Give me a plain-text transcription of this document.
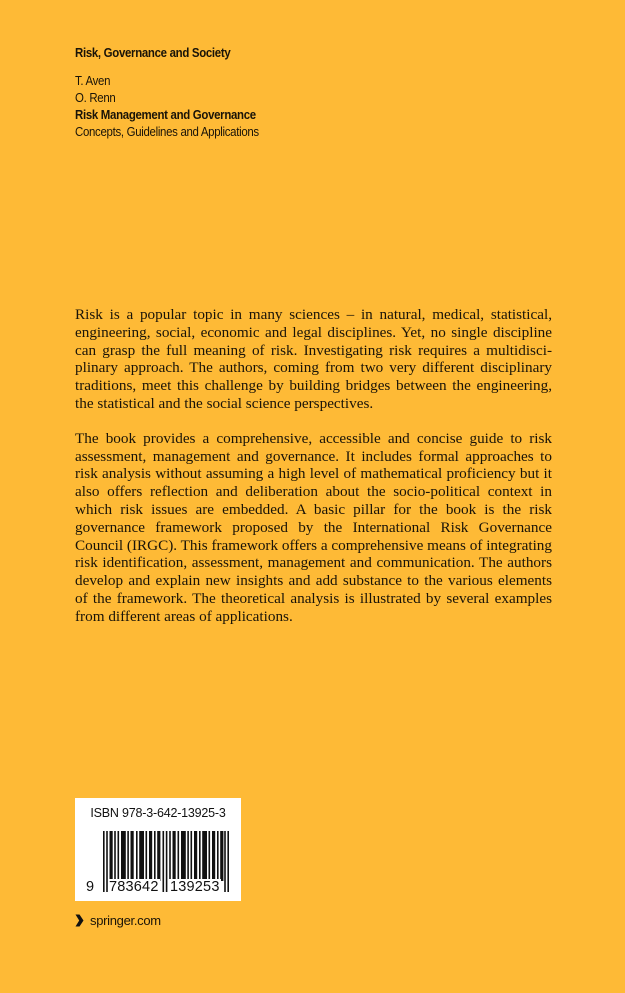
Risk, Governance and Society
T. Aven
O. Renn
Risk Management and Governance
Concepts, Guidelines and Applications

Risk is a popular topic in many sciences – in natural, medical, statistical, engineering, social, economic and legal disciplines. Yet, no single discipline can grasp the full meaning of risk. Investigating risk requires a multidisciplinary approach. The authors, coming from two very different disciplinary traditions, meet this challenge by building bridges between the engineering, the statistical and the social science perspectives.

The book provides a comprehensive, accessible and concise guide to risk assessment, management and governance. It includes formal approaches to risk analysis without assuming a high level of mathematical proficiency but it also offers reflection and deliberation about the socio-political context in which risk issues are embedded. A basic pillar for the book is the risk governance framework proposed by the International Risk Governance Council (IRGC). This framework offers a comprehensive means of integrating risk identification, assessment, management and communication. The authors develop and explain new insights and add substance to the various elements of the framework. The theoretical analysis is illustrated by several examples from different areas of applications.

ISBN 978-3-642-13925-3
9 783642 139253
springer.com
